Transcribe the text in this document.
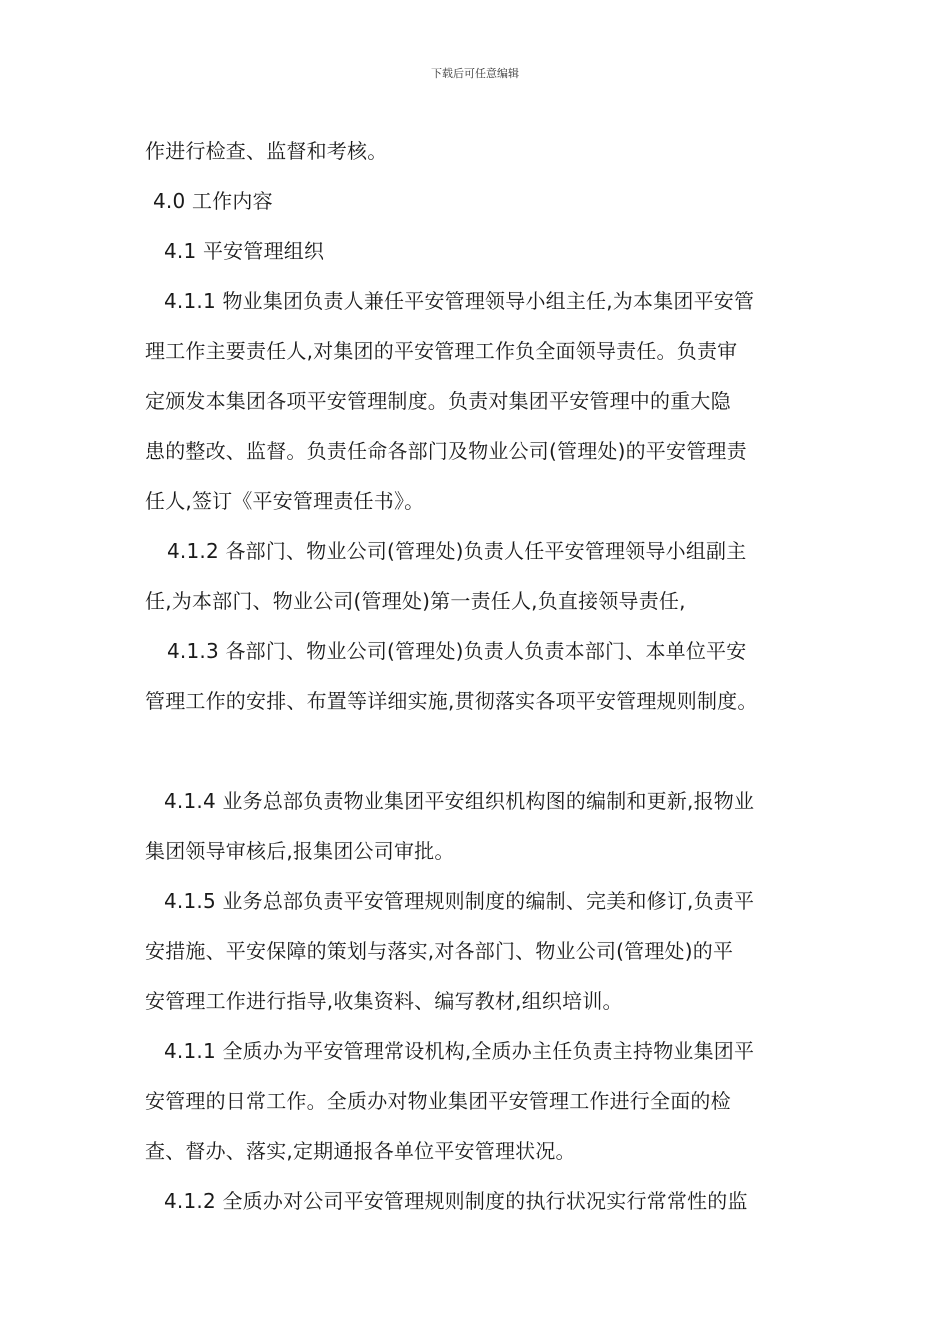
下载后可任意编辑
作进行检查、监督和考核。
4.0 工作内容
4.1 平安管理组织
4.1.1 物业集团负责人兼任平安管理领导小组主任,为本集团平安管
理工作主要责任人,对集团的平安管理工作负全面领导责任。负责审
定颁发本集团各项平安管理制度。负责对集团平安管理中的重大隐
患的整改、监督。负责任命各部门及物业公司(管理处)的平安管理责
任人,签订《平安管理责任书》。
4.1.2 各部门、物业公司(管理处)负责人任平安管理领导小组副主
任,为本部门、物业公司(管理处)第一责任人,负直接领导责任,
4.1.3 各部门、物业公司(管理处)负责人负责本部门、本单位平安
管理工作的安排、布置等详细实施,贯彻落实各项平安管理规则制度。
4.1.4 业务总部负责物业集团平安组织机构图的编制和更新,报物业
集团领导审核后,报集团公司审批。
4.1.5 业务总部负责平安管理规则制度的编制、完美和修订,负责平
安措施、平安保障的策划与落实,对各部门、物业公司(管理处)的平
安管理工作进行指导,收集资料、编写教材,组织培训。
4.1.1 全质办为平安管理常设机构,全质办主任负责主持物业集团平
安管理的日常工作。全质办对物业集团平安管理工作进行全面的检
查、督办、落实,定期通报各单位平安管理状况。
4.1.2 全质办对公司平安管理规则制度的执行状况实行常常性的监
